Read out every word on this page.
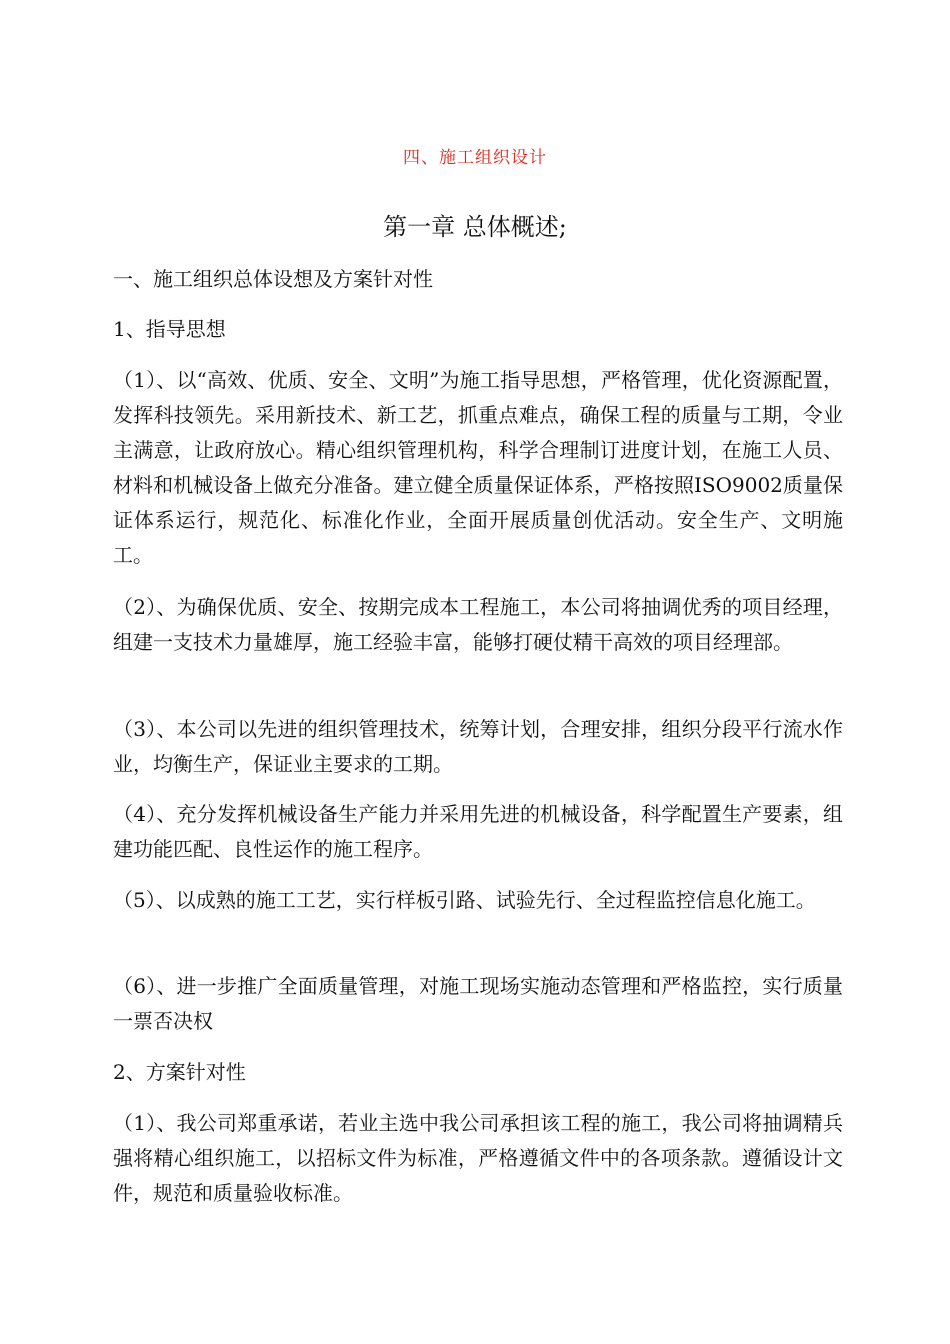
四、施工组织设计
第一章 总体概述;
一、施工组织总体设想及方案针对性
1、指导思想
（1）、以“高效、优质、安全、文明”为施工指导思想，严格管理，优化资源配置，发挥科技领先。采用新技术、新工艺，抓重点难点，确保工程的质量与工期，令业主满意，让政府放心。精心组织管理机构，科学合理制订进度计划，在施工人员、材料和机械设备上做充分准备。建立健全质量保证体系，严格按照ISO9002质量保证体系运行，规范化、标准化作业，全面开展质量创优活动。安全生产、文明施工。
（2）、为确保优质、安全、按期完成本工程施工，本公司将抽调优秀的项目经理，组建一支技术力量雄厚，施工经验丰富，能够打硬仗精干高效的项目经理部。
（3）、本公司以先进的组织管理技术，统筹计划，合理安排，组织分段平行流水作业，均衡生产，保证业主要求的工期。
（4）、充分发挥机械设备生产能力并采用先进的机械设备，科学配置生产要素，组建功能匹配、良性运作的施工程序。
（5）、以成熟的施工工艺，实行样板引路、试验先行、全过程监控信息化施工。
（6）、进一步推广全面质量管理，对施工现场实施动态管理和严格监控，实行质量一票否决权
2、方案针对性
（1）、我公司郑重承诺，若业主选中我公司承担该工程的施工，我公司将抽调精兵强将精心组织施工，以招标文件为标准，严格遵循文件中的各项条款。遵循设计文件，规范和质量验收标准。
